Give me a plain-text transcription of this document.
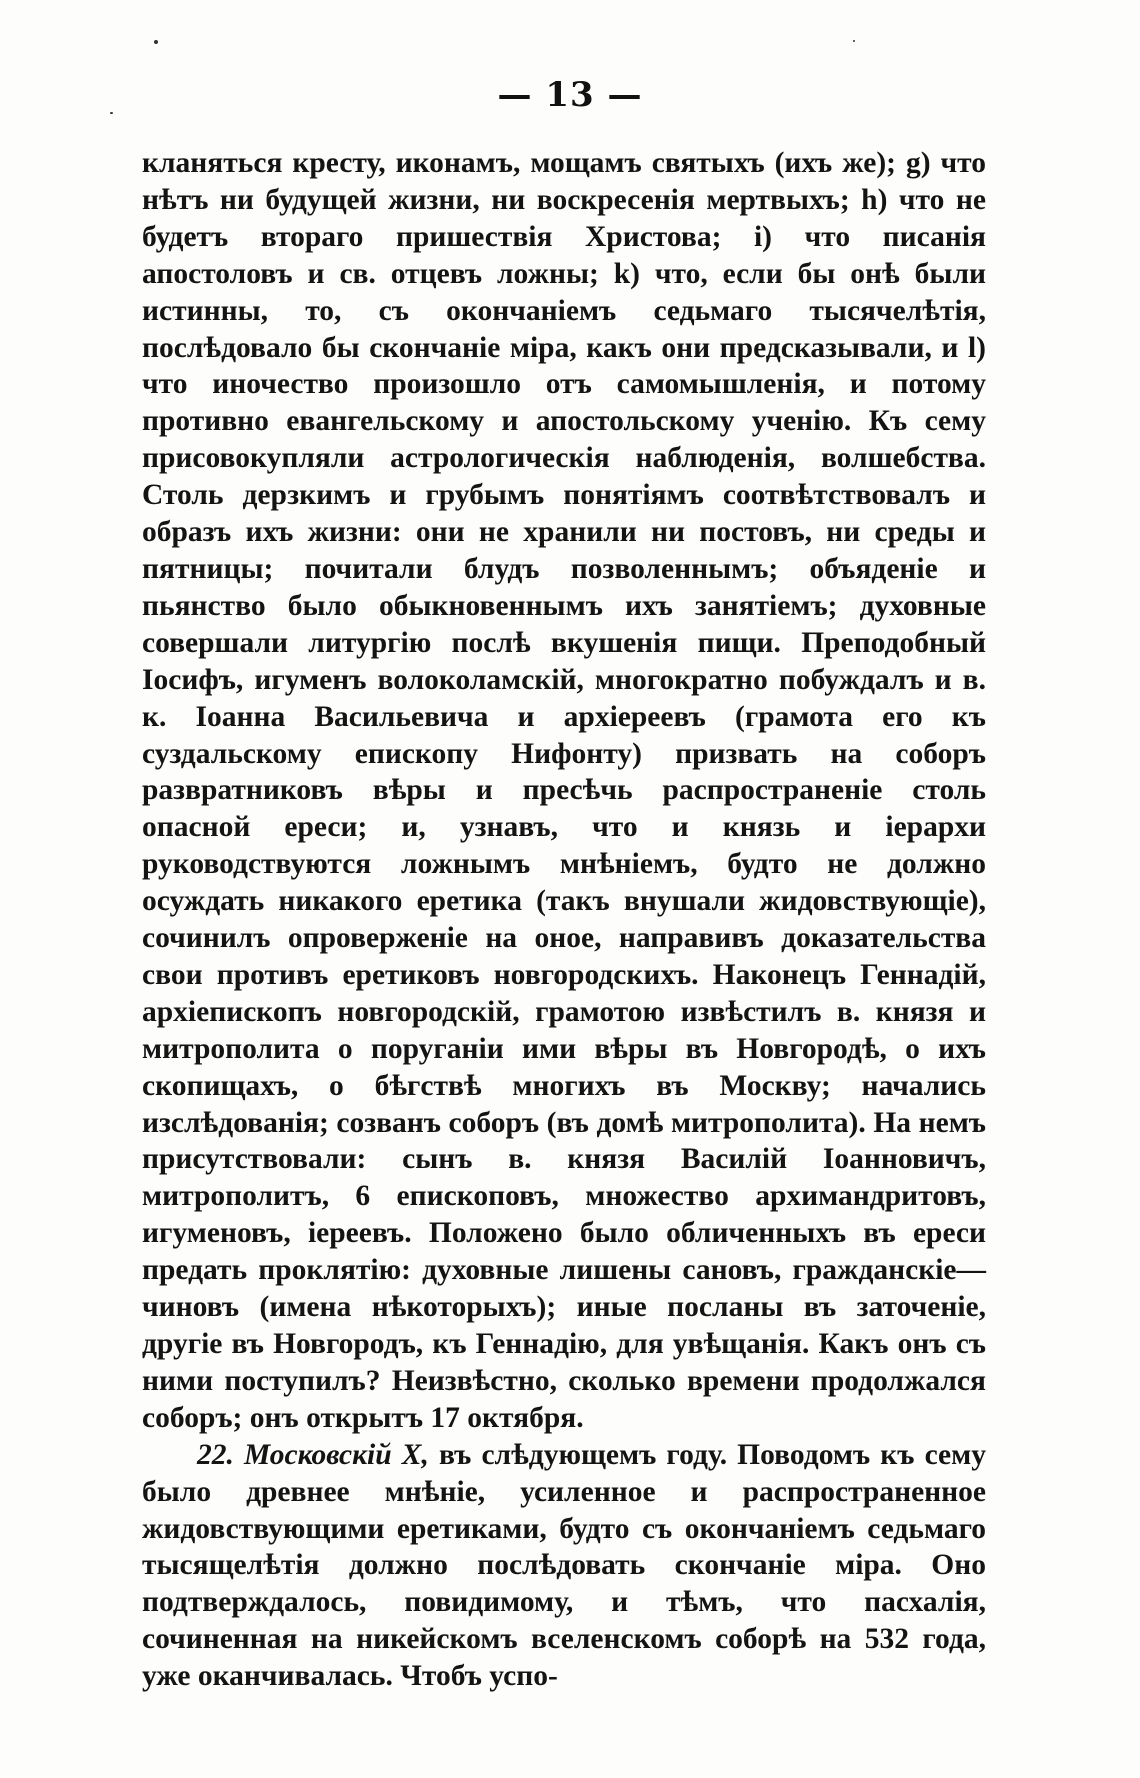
— 13 —

кланяться кресту, иконамъ, мощамъ святыхъ (ихъ же); g) что нѣтъ ни будущей жизни, ни воскресенія мертвыхъ; h) что не будетъ втораго пришествія Христова; i) что писанія апостоловъ и св. отцевъ ложны; k) что, если бы онѣ были истинны, то, съ окончаніемъ седьмаго тысячелѣтія, послѣдовало бы скончаніе міра, какъ они предсказывали, и l) что иночество произошло отъ самомышленія, и потому противно евангельскому и апостольскому ученію. Къ сему присовокупляли астрологическія наблюденія, волшебства. Столь дерзкимъ и грубымъ понятіямъ соотвѣтствовалъ и образъ ихъ жизни: они не хранили ни постовъ, ни среды и пятницы; почитали блудъ позволеннымъ; объяденіе и пьянство было обыкновеннымъ ихъ занятіемъ; духовные совершали литургію послѣ вкушенія пищи. Преподобный Іосифъ, игуменъ волоколамскій, многократно побуждалъ и в. к. Іоанна Васильевича и архіереевъ (грамота его къ суздальскому епископу Нифонту) призвать на соборъ развратниковъ вѣры и пресѣчь распространеніе столь опасной ереси; и, узнавъ, что и князь и іерархи руководствуются ложнымъ мнѣніемъ, будто не должно осуждать никакого еретика (такъ внушали жидовствующіе), сочинилъ опроверженіе на оное, направивъ доказательства свои противъ еретиковъ новгородскихъ. Наконецъ Геннадій, архіепископъ новгородскій, грамотою извѣстилъ в. князя и митрополита о поруганіи ими вѣры въ Новгородѣ, о ихъ скопищахъ, о бѣгствѣ многихъ въ Москву; начались изслѣдованія; созванъ соборъ (въ домѣ митрополита). На немъ присутствовали: сынъ в. князя Василій Іоанновичъ, митрополитъ, 6 епископовъ, множество архимандритовъ, игуменовъ, іереевъ. Положено было обличенныхъ въ ереси предать проклятію: духовные лишены сановъ, гражданскіе—чиновъ (имена нѣкоторыхъ); иные посланы въ заточеніе, другіе въ Новгородъ, къ Геннадію, для увѣщанія. Какъ онъ съ ними поступилъ? Неизвѣстно, сколько времени продолжался соборъ; онъ открытъ 17 октября.

22. Московскій X, въ слѣдующемъ году. Поводомъ къ сему было древнее мнѣніе, усиленное и распространенное жидовствующими еретиками, будто съ окончаніемъ седьмаго тысящелѣтія должно послѣдовать скончаніе міра. Оно подтверждалось, повидимому, и тѣмъ, что пасхалія, сочиненная на никейскомъ вселенскомъ соборѣ на 532 года, уже оканчивалась. Чтобъ успо-
